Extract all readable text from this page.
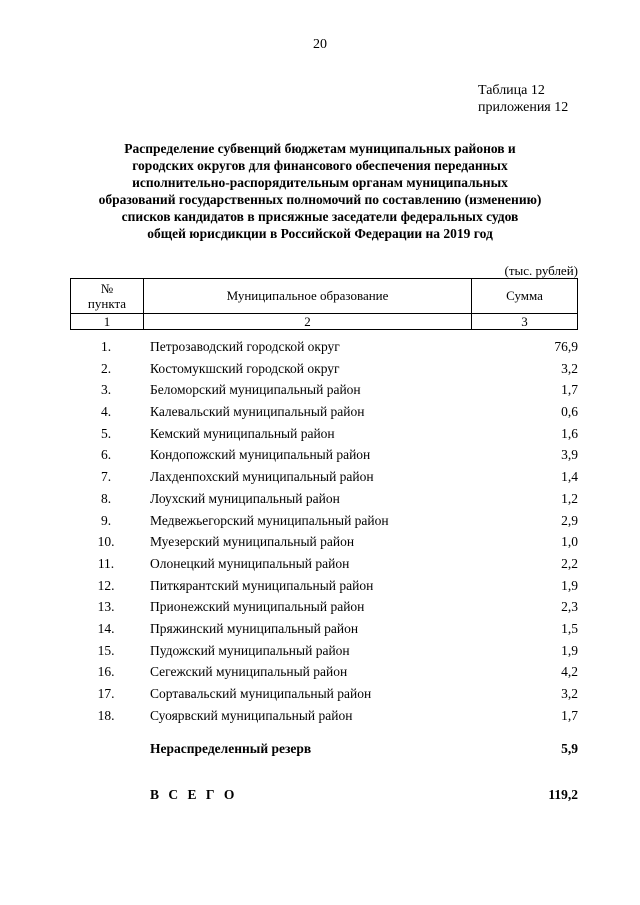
20
Таблица 12
приложения 12
Распределение субвенций бюджетам муниципальных районов и
городских округов для финансового обеспечения переданных
исполнительно-распорядительным органам муниципальных
образований государственных полномочий по составлению (изменению)
списков кандидатов в присяжные заседатели федеральных судов
общей юрисдикции в Российской Федерации на 2019 год
(тыс. рублей)
№
пункта	Муниципальное образование	Сумма
1	2	3
1.	Петрозаводский городской округ	76,9
2.	Костомукшский городской округ	3,2
3.	Беломорский муниципальный район	1,7
4.	Калевальский муниципальный район	0,6
5.	Кемский муниципальный район	1,6
6.	Кондопожский муниципальный район	3,9
7.	Лахденпохский муниципальный район	1,4
8.	Лоухский муниципальный район	1,2
9.	Медвежьегорский муниципальный район	2,9
10.	Муезерский муниципальный район	1,0
11.	Олонецкий муниципальный район	2,2
12.	Питкярантский муниципальный район	1,9
13.	Прионежский муниципальный район	2,3
14.	Пряжинский муниципальный район	1,5
15.	Пудожский муниципальный район	1,9
16.	Сегежский муниципальный район	4,2
17.	Сортавальский муниципальный район	3,2
18.	Суоярвский муниципальный район	1,7
Нераспределенный резерв	5,9
В С Е Г О	119,2
